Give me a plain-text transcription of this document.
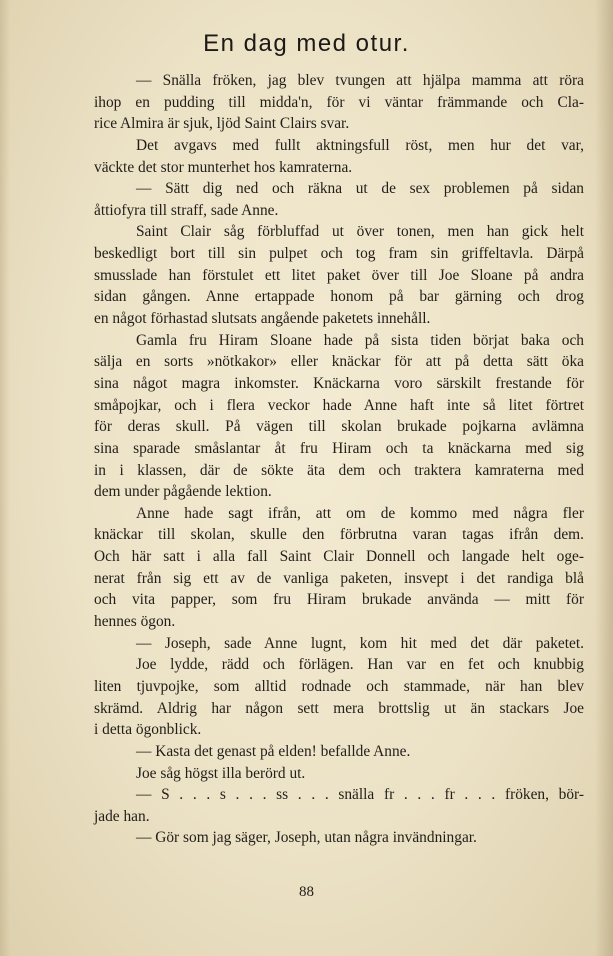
En dag med otur.
— Snälla fröken, jag blev tvungen att hjälpa mamma att röra
ihop en pudding till midda'n, för vi väntar främmande och Cla-
rice Almira är sjuk, ljöd Saint Clairs svar.
Det avgavs med fullt aktningsfull röst, men hur det var,
väckte det stor munterhet hos kamraterna.
— Sätt dig ned och räkna ut de sex problemen på sidan
åttiofyra till straff, sade Anne.
Saint Clair såg förbluffad ut över tonen, men han gick helt
beskedligt bort till sin pulpet och tog fram sin griffeltavla. Därpå
smusslade han förstulet ett litet paket över till Joe Sloane på andra
sidan gången. Anne ertappade honom på bar gärning och drog
en något förhastad slutsats angående paketets innehåll.
Gamla fru Hiram Sloane hade på sista tiden börjat baka och
sälja en sorts »nötkakor» eller knäckar för att på detta sätt öka
sina något magra inkomster. Knäckarna voro särskilt frestande för
småpojkar, och i flera veckor hade Anne haft inte så litet förtret
för deras skull. På vägen till skolan brukade pojkarna avlämna
sina sparade småslantar åt fru Hiram och ta knäckarna med sig
in i klassen, där de sökte äta dem och traktera kamraterna med
dem under pågående lektion.
Anne hade sagt ifrån, att om de kommo med några fler
knäckar till skolan, skulle den förbrutna varan tagas ifrån dem.
Och här satt i alla fall Saint Clair Donnell och langade helt oge-
nerat från sig ett av de vanliga paketen, insvept i det randiga blå
och vita papper, som fru Hiram brukade använda — mitt för
hennes ögon.
— Joseph, sade Anne lugnt, kom hit med det där paketet.
Joe lydde, rädd och förlägen. Han var en fet och knubbig
liten tjuvpojke, som alltid rodnade och stammade, när han blev
skrämd. Aldrig har någon sett mera brottslig ut än stackars Joe
i detta ögonblick.
— Kasta det genast på elden! befallde Anne.
Joe såg högst illa berörd ut.
— S . . . s . . . ss . . . snälla fr . . . fr . . . fröken, bör-
jade han.
— Gör som jag säger, Joseph, utan några invändningar.
88
